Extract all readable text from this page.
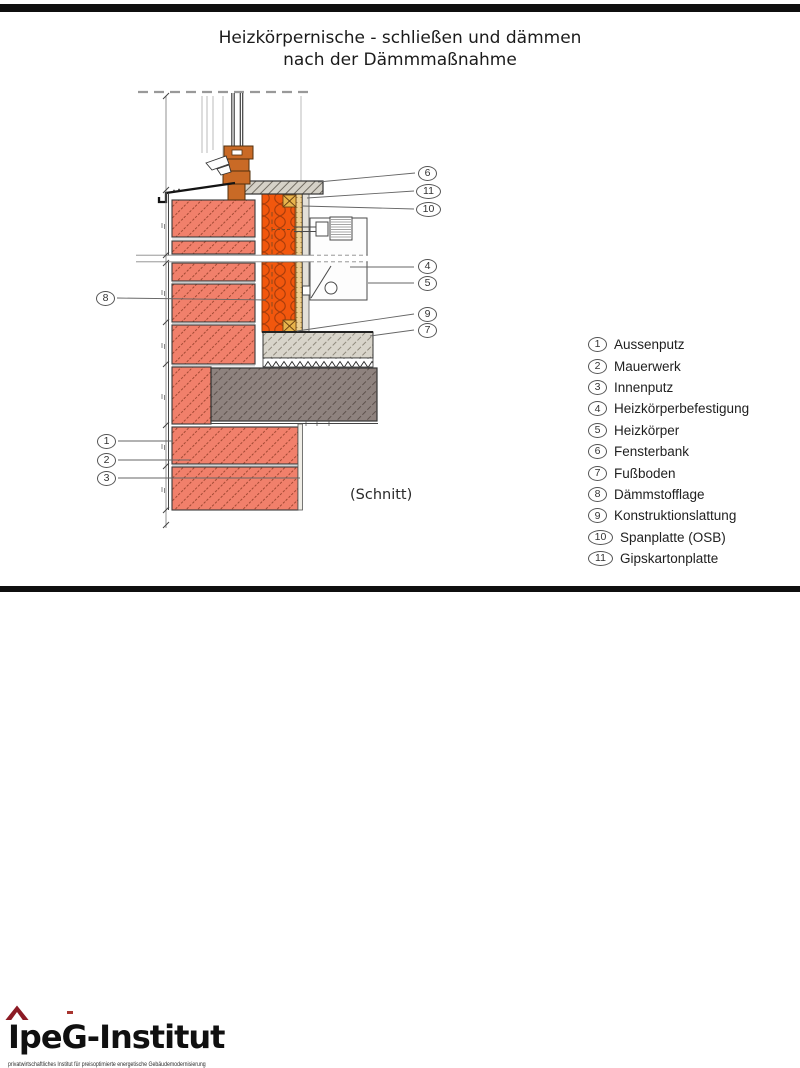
Heizkörpernische - schließen und dämmen
nach der Dämmmaßnahme
6
11
10
4
5
9
7
8
1
2
3
(Schnitt)
1	Aussenputz
2	Mauerwerk
3	Innenputz
4	Heizkörperbefestigung
5	Heizkörper
6	Fensterbank
7	Fußboden
8	Dämmstofflage
9	Konstruktionslattung
10	Spanplatte (OSB)
11	Gipskartonplatte
IpeG-Institut
privatwirtschaftliches Institut für preisoptimierte energetische Gebäudemodernisierung
